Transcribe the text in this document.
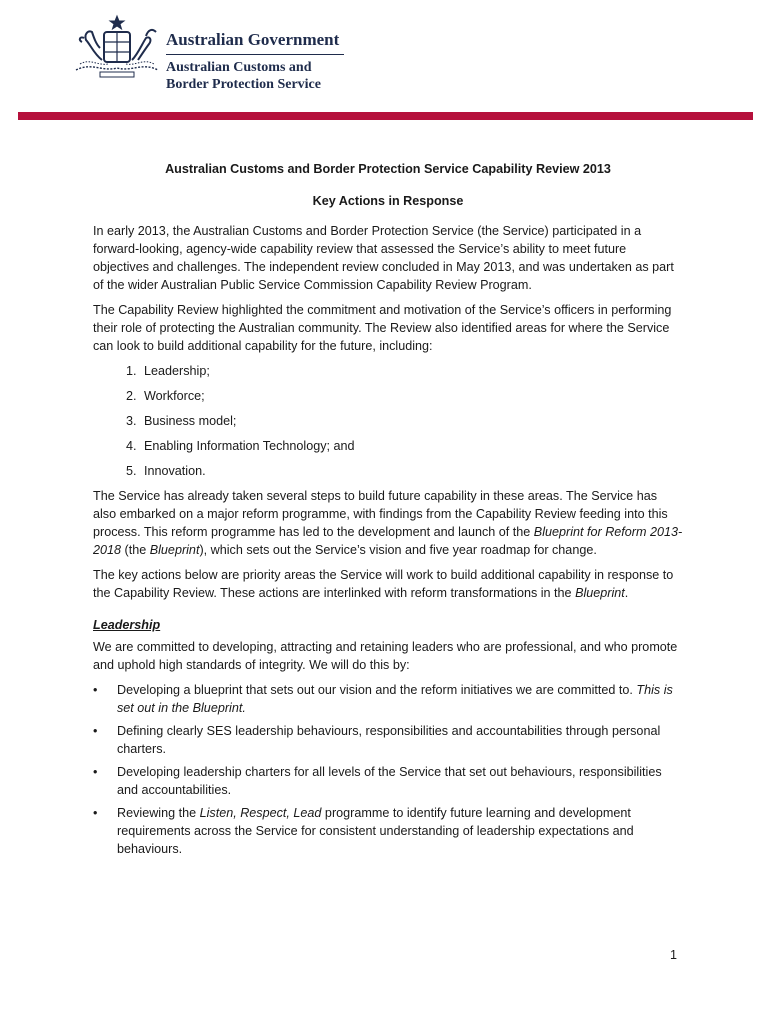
Australian Government
Australian Customs and
Border Protection Service
Australian Customs and Border Protection Service Capability Review 2013
Key Actions in Response

In early 2013, the Australian Customs and Border Protection Service (the Service) participated in a forward-looking, agency-wide capability review that assessed the Service’s ability to meet future objectives and challenges. The independent review concluded in May 2013, and was undertaken as part of the wider Australian Public Service Commission Capability Review Program.

The Capability Review highlighted the commitment and motivation of the Service’s officers in performing their role of protecting the Australian community. The Review also identified areas for where the Service can look to build additional capability for the future, including:

1. Leadership;
2. Workforce;
3. Business model;
4. Enabling Information Technology; and
5. Innovation.

The Service has already taken several steps to build future capability in these areas. The Service has also embarked on a major reform programme, with findings from the Capability Review feeding into this process. This reform programme has led to the development and launch of the Blueprint for Reform 2013-2018 (the Blueprint), which sets out the Service’s vision and five year roadmap for change.

The key actions below are priority areas the Service will work to build additional capability in response to the Capability Review. These actions are interlinked with reform transformations in the Blueprint.

Leadership

We are committed to developing, attracting and retaining leaders who are professional, and who promote and uphold high standards of integrity. We will do this by:

• Developing a blueprint that sets out our vision and the reform initiatives we are committed to. This is set out in the Blueprint.
• Defining clearly SES leadership behaviours, responsibilities and accountabilities through personal charters.
• Developing leadership charters for all levels of the Service that set out behaviours, responsibilities and accountabilities.
• Reviewing the Listen, Respect, Lead programme to identify future learning and development requirements across the Service for consistent understanding of leadership expectations and behaviours.
1
